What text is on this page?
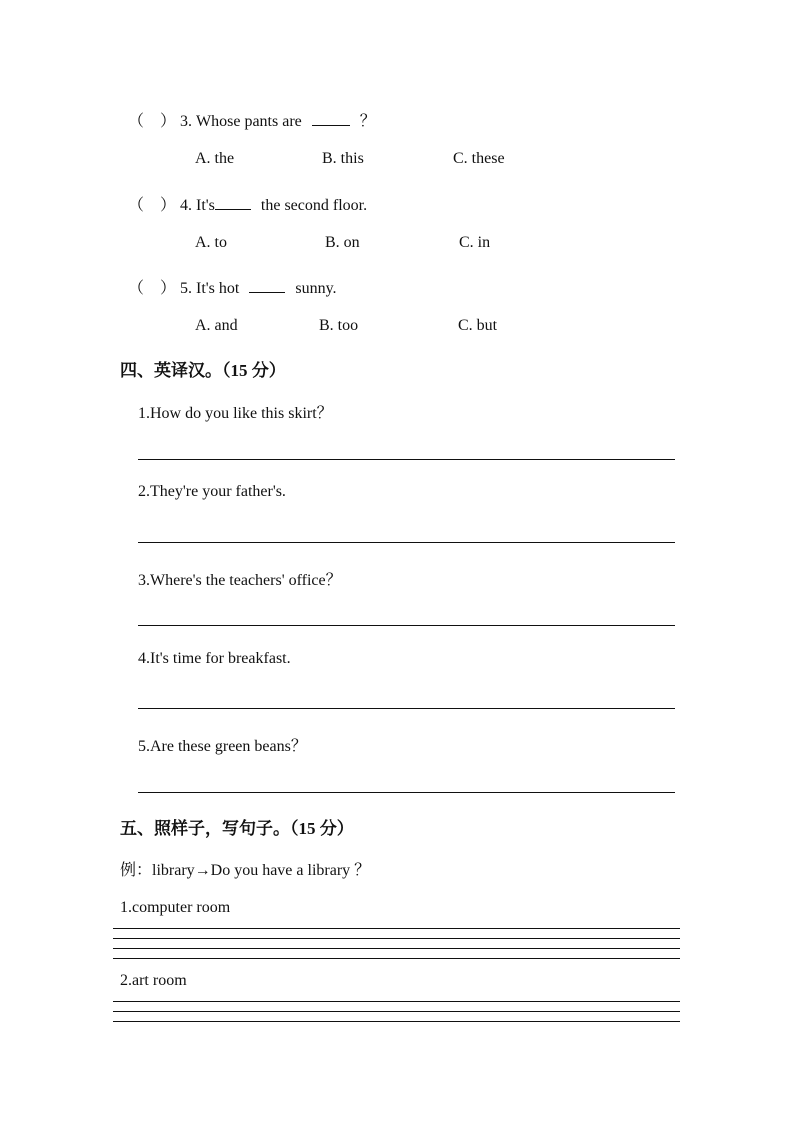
（　） 3. Whose pants are	？
A. the	B. this	C. these
（　） 4. It's	the second floor.
A. to	B. on	C. in
（　） 5. It's hot	sunny.
A. and	B. too	C. but
四、英译汉。（15 分）
1.How do you like this skirt？
2.They're your father's.
3.Where's the teachers' office？
4.It's time for breakfast.
5.Are these green beans？
五、照样子，写句子。（15 分）
例：library→Do you have a library ？
1.computer room
2.art room
